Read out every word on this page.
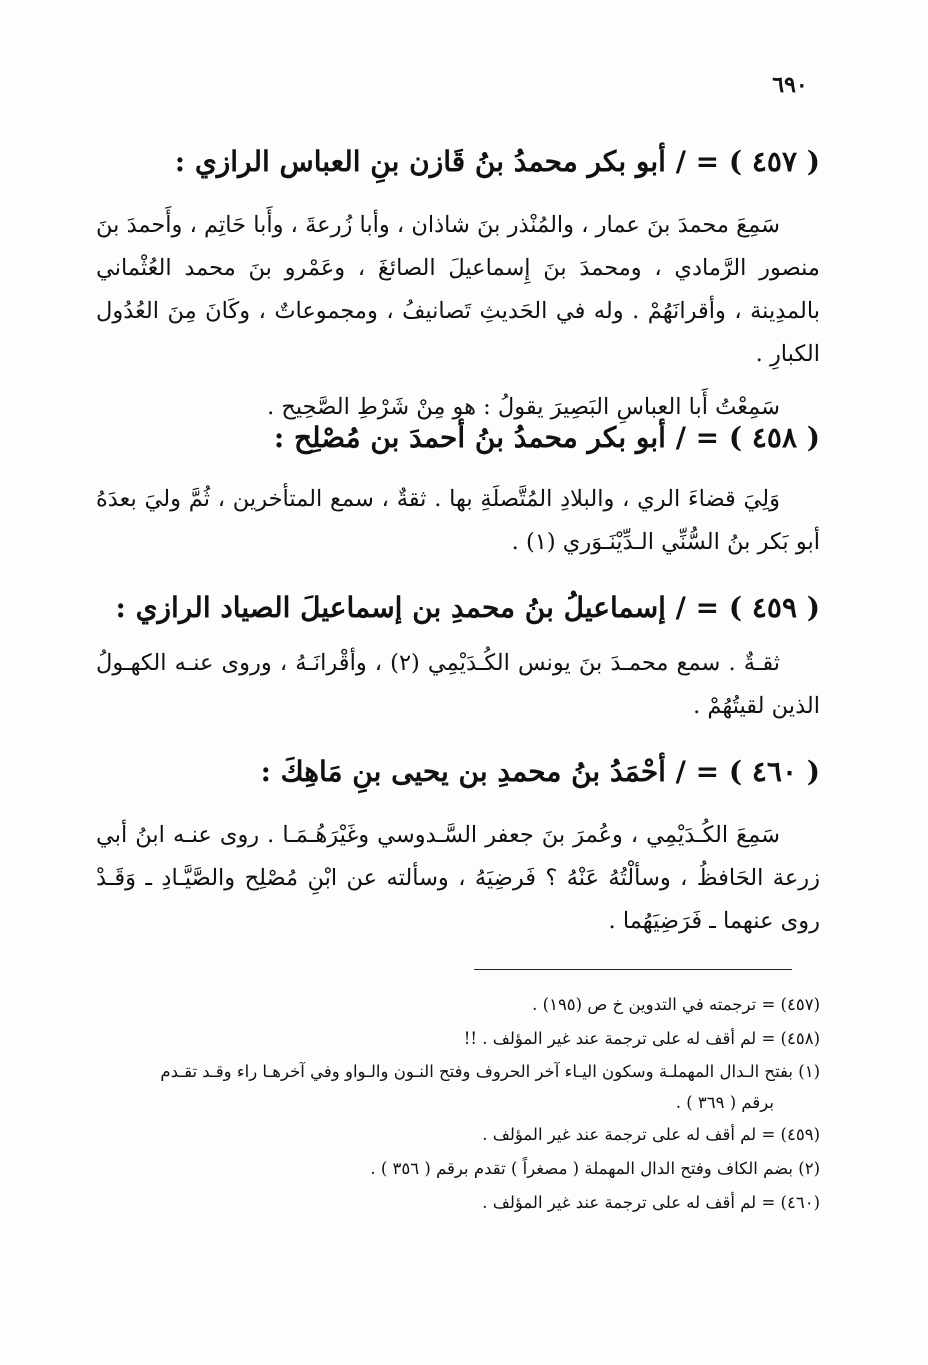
٦٩٠
( ٤٥٧ ) = / أبو بكر محمدُ بنُ قَازن بنِ العباس الرازي :

سَمِعَ محمدَ بنَ عمار ، والمُنْذر بنَ شاذان ، وأبا زُرعةَ ، وأَبا حَاتِم ، وأَحمدَ بنَ منصور الرَّمادي ، ومحمدَ بنَ إِسماعيلَ الصائغَ ، وعَمْرو بنَ محمد العُثْماني بالمدِينة ، وأقرانَهُمْ . وله في الحَديثِ تَصانيفُ ، ومجموعاتٌ ، وكَانَ مِنَ العُدُول الكبارِ .

سَمِعْتُ أَبا العباسِ البَصِيرَ يقولُ : هو مِنْ شَرْطِ الصَّحِيح .

( ٤٥٨ ) = / أبو بكر محمدُ بنُ أحمدَ بن مُصْلِح :

وَلِيَ قضاءَ الري ، والبلادِ المُتَّصلَةِ بها . ثقةٌ ، سمع المتأخرين ، ثُمَّ وليَ بعدَهُ أبو بَكر بنُ السُّنِّي الـدِّيْنَـوَري (١) .

( ٤٥٩ ) = / إسماعيلُ بنُ محمدِ بن إسماعيلَ الصياد الرازي :

ثقـةٌ . سمع محمـدَ بنَ يونس الكُـدَيْمِي (٢) ، وأقْرانَـهُ ، وروى عنـه الكهـولُ الذين لقيتُهُمْ .

( ٤٦٠ ) = / أحْمَدُ بنُ محمدِ بن يحيى بنِ مَاهِكَ :

سَمِعَ الكُـدَيْمِي ، وعُمرَ بنَ جعفر السَّـدوسي وغَيْرَهُـمَـا . روى عنـه ابنُ أبي زرعة الحَافظُ ، وسألْتُهُ عَنْهُ ؟ فَرضِيَهُ ، وسألته عن ابْنِ مُصْلِح والصَّيَّـادِ ـ وَقَـدْ روى عنهما ـ فَرَضِيَهُما .

(٤٥٧) = ترجمته في التدوين خ ص (١٩٥) .
(٤٥٨) = لم أقف له على ترجمة عند غير المؤلف . !!
(١) بفتح الـدال المهملـة وسكون اليـاء آخر الحروف وفتح النـون والـواو وفي آخرهـا راء وقـد تقـدم
برقم ( ٣٦٩ ) .
(٤٥٩) = لم أقف له على ترجمة عند غير المؤلف .
(٢) بضم الكاف وفتح الدال المهملة ( مصغراً ) تقدم برقم ( ٣٥٦ ) .
(٤٦٠) = لم أقف له على ترجمة عند غير المؤلف .
